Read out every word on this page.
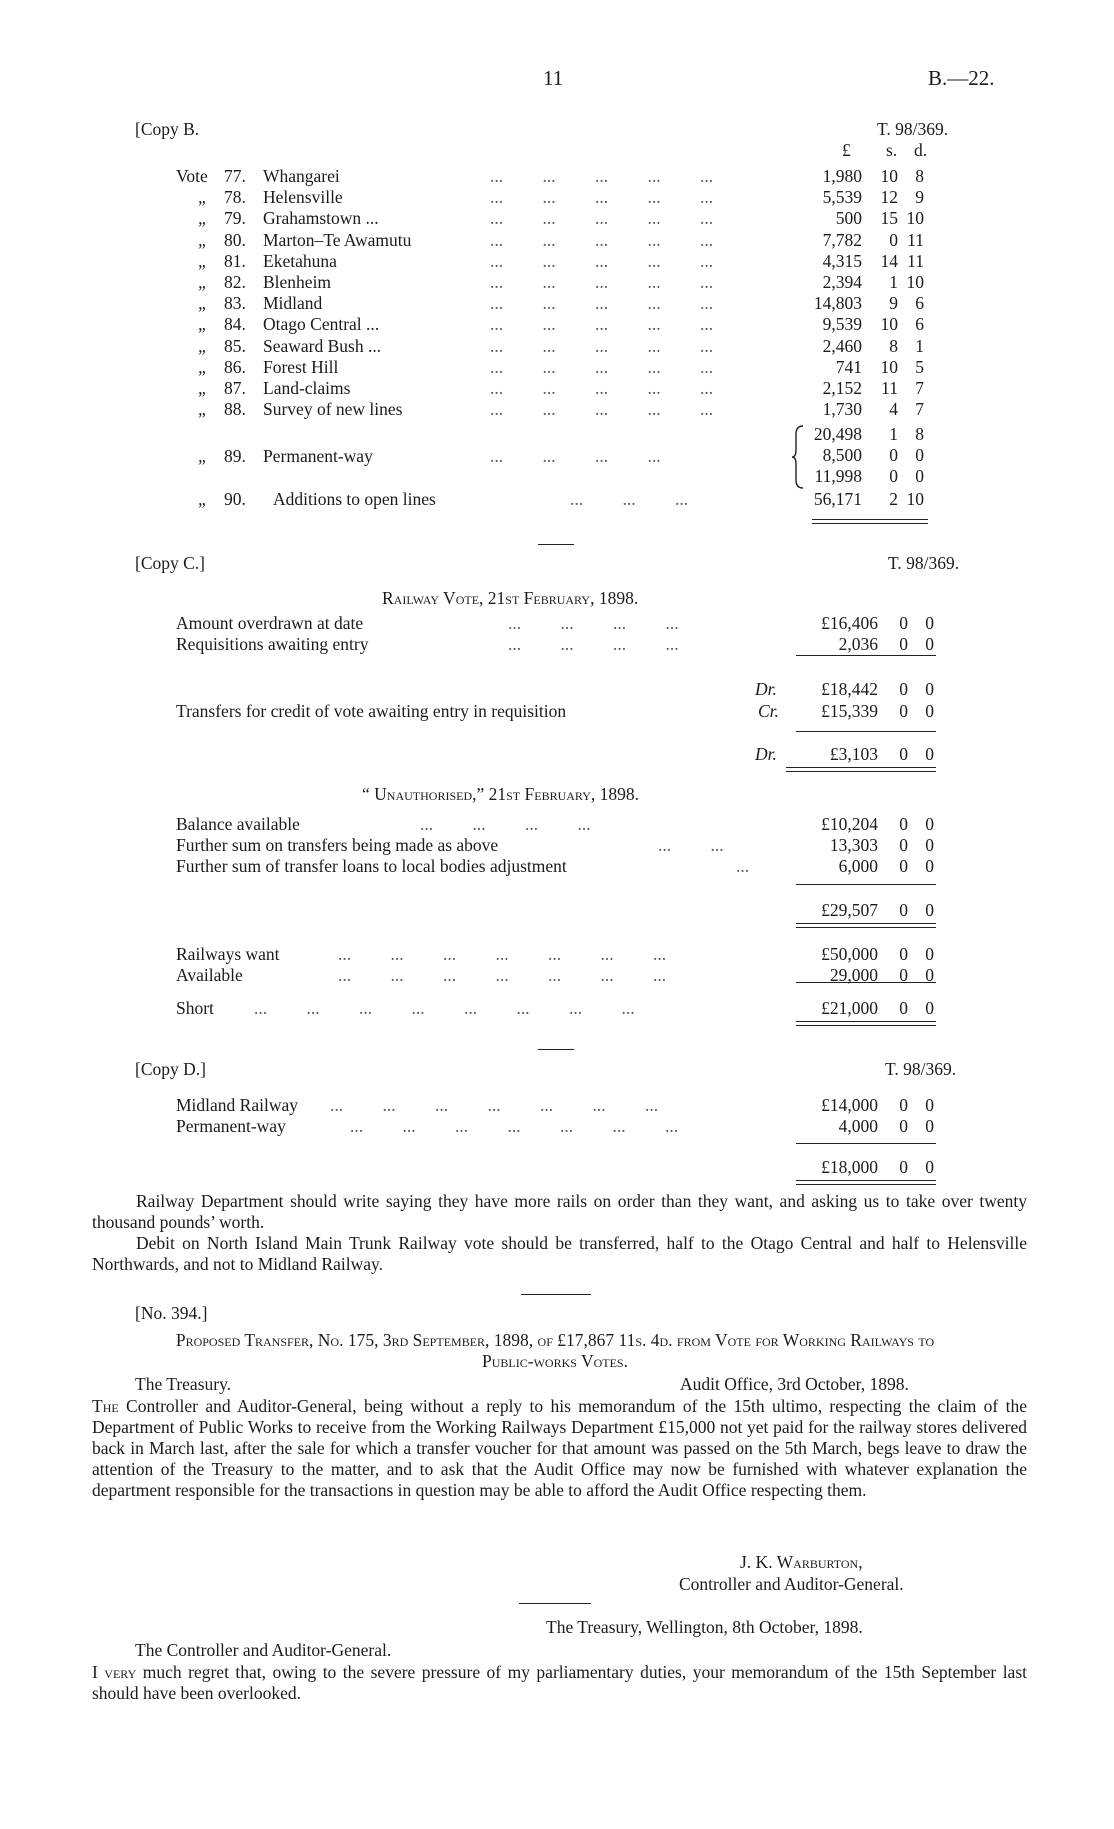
11	B.—22.
[Copy B.	T. 98/369.
£ s. d.
Vote 77. Whangarei	...         ...         ...         ...         ...	1,980 10 8
„ 78. Helensville	...         ...         ...         ...         ...	5,539 12 9
„ 79. Grahamstown ...	...         ...         ...         ...         ...	500 15 10
„ 80. Marton–Te Awamutu	...         ...         ...         ...         ...	7,782 0 11
„ 81. Eketahuna	...         ...         ...         ...         ...	4,315 14 11
„ 82. Blenheim	...         ...         ...         ...         ...	2,394 1 10
„ 83. Midland	...         ...         ...         ...         ...	14,803 9 6
„ 84. Otago Central ...	...         ...         ...         ...         ...	9,539 10 6
„ 85. Seaward Bush ...	...         ...         ...         ...         ...	2,460 8 1
„ 86. Forest Hill	...         ...         ...         ...         ...	741 10 5
„ 87. Land-claims	...         ...         ...         ...         ...	2,152 11 7
„ 88. Survey of new lines	...         ...         ...         ...         ...	1,730 4 7
„ 89. Permanent-way	...         ...         ...         ...
20,498 1 8
8,500 0 0
11,998 0 0
„ 90. Additions to open lines	...         ...         ...	56,171 2 10
[Copy C.]	T. 98/369.
Railway Vote, 21st February, 1898.
Amount overdrawn at date	...         ...         ...         ...	£16,406 0 0
Requisitions awaiting entry	...         ...         ...         ...	2,036 0 0
Dr.	£18,442 0 0
Transfers for credit of vote awaiting entry in requisition	Cr. £15,339 0 0
Dr.	£3,103 0 0
“ Unauthorised,” 21st February, 1898.
Balance available	...         ...         ...         ...	£10,204 0 0
Further sum on transfers being made as above	...         ...	13,303 0 0
Further sum of transfer loans to local bodies adjustment	...	6,000 0 0
£29,507 0 0
Railways want	...         ...         ...         ...         ...         ...         ...	£50,000 0 0
Available	...         ...         ...         ...         ...         ...         ...	29,000 0 0
Short ...         ...         ...         ...         ...         ...         ...         ...	£21,000 0 0
[Copy D.]	T. 98/369.
Midland Railway ...         ...         ...         ...         ...         ...         ...	£14,000 0 0
Permanent-way	...         ...         ...         ...         ...         ...         ...	4,000 0 0
£18,000 0 0
Railway Department should write saying they have more rails on order than they want, and asking us to take over twenty thousand pounds’ worth.
Debit on North Island Main Trunk Railway vote should be transferred, half to the Otago Central and half to Helensville Northwards, and not to Midland Railway.
[No. 394.]
Proposed Transfer, No. 175, 3rd September, 1898, of £17,867 11s. 4d. from Vote for Working Railways to Public-works Votes.
The Treasury.	Audit Office, 3rd October, 1898.
The Controller and Auditor-General, being without a reply to his memorandum of the 15th ultimo, respecting the claim of the Department of Public Works to receive from the Working Railways Department £15,000 not yet paid for the railway stores delivered back in March last, after the sale for which a transfer voucher for that amount was passed on the 5th March, begs leave to draw the attention of the Treasury to the matter, and to ask that the Audit Office may now be furnished with whatever explanation the department responsible for the transactions in question may be able to afford the Audit Office respecting them.
J. K. Warburton,
Controller and Auditor-General.
The Treasury, Wellington, 8th October, 1898.
The Controller and Auditor-General.
I very much regret that, owing to the severe pressure of my parliamentary duties, your memorandum of the 15th September last should have been overlooked.
